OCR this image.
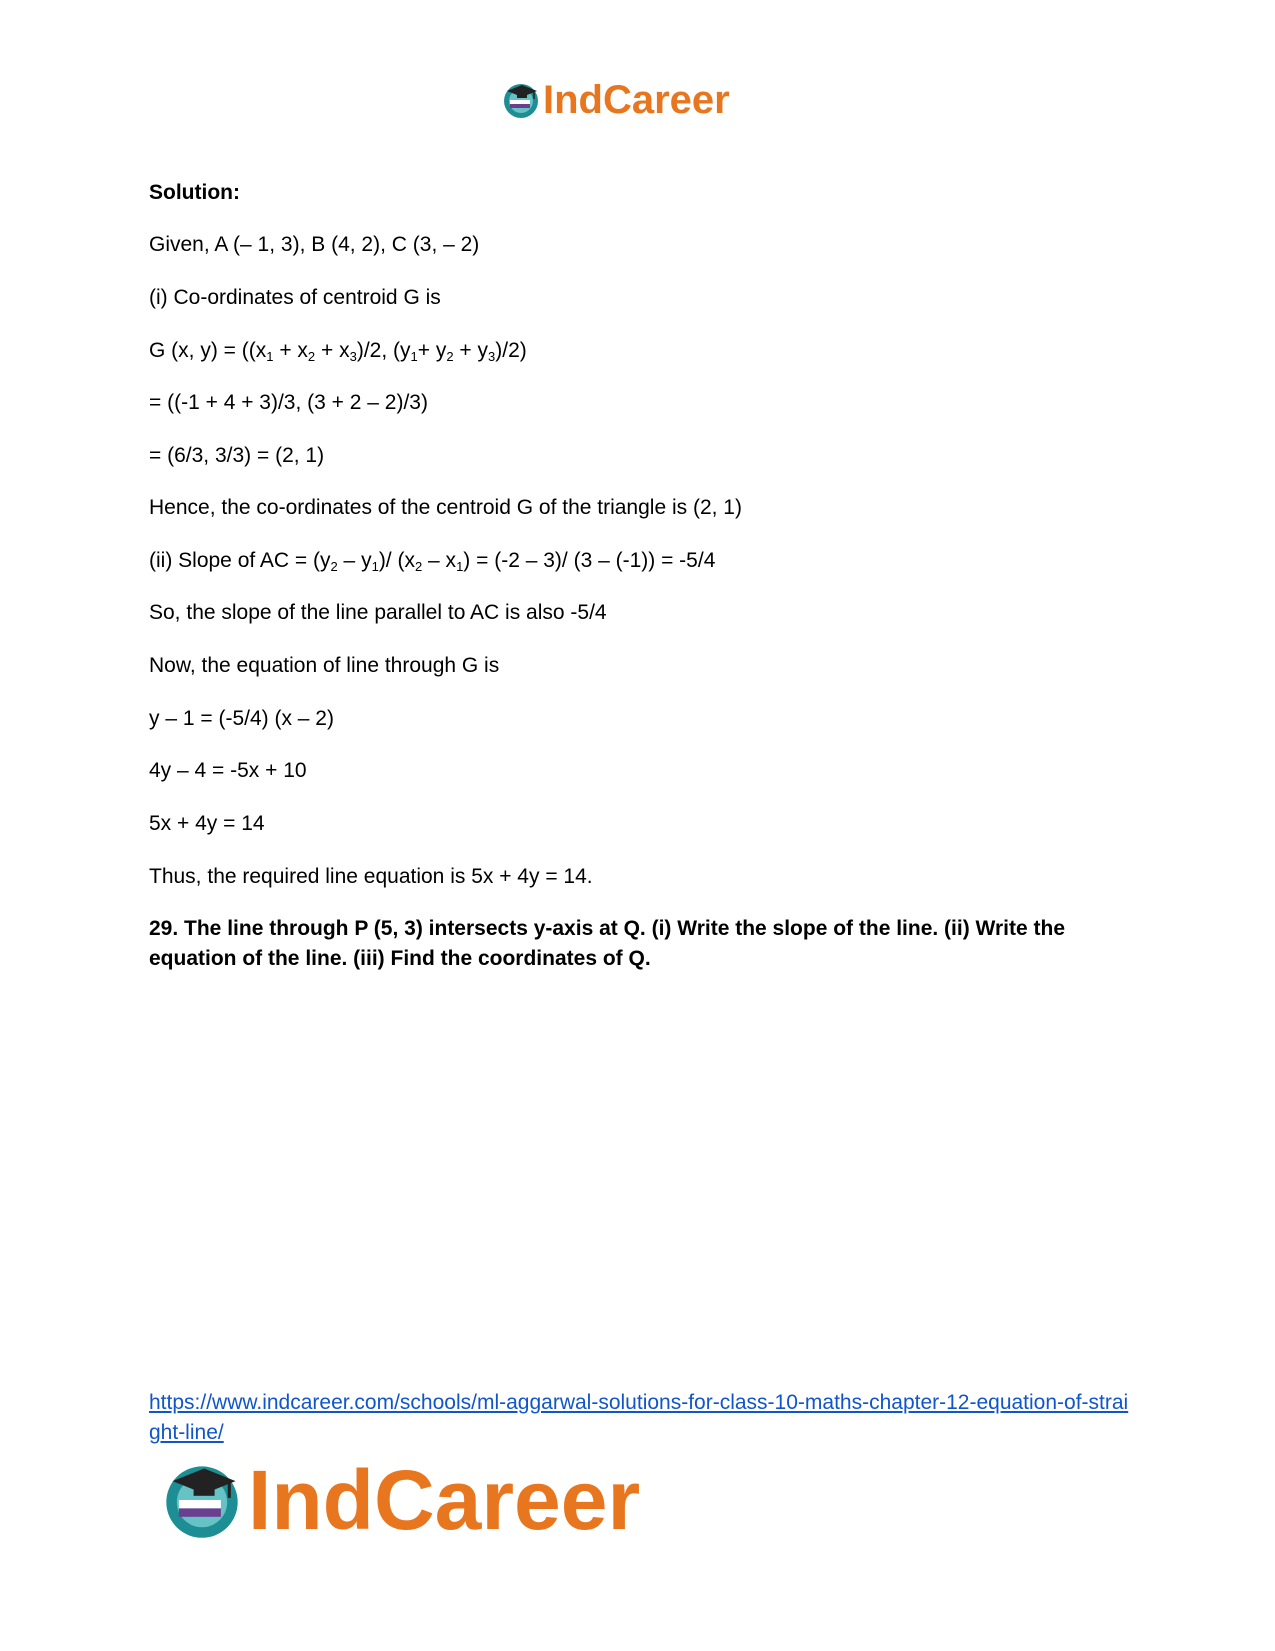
IndCareer
Solution:
Given, A (– 1, 3), B (4, 2), C (3, – 2)
(i) Co-ordinates of centroid G is
G (x, $y) = ((x_1 + x_2 + x_3)/2$, $(y_1+ y_2 + y_3)/2$)
= ((-1 + 4 + 3)/3, (3 + 2 – 2)/3)
= (6/3, 3/3) = (2, 1)
Hence, the co-ordinates of the centroid G of the triangle is (2, 1)
(ii) Slope of AC = $(y_2 - y_1)/$ $(x_2 - x_1) = (-2 - 3)/$ (3 – (-1)) = -5/4
So, the slope of the line parallel to AC is also -5/4
Now, the equation of line through G is
y – 1 = (-5/4) (x – 2)
4y – 4 = -5x + 10
5x + 4y = 14
Thus, the required line equation is 5x + 4y = 14.
29. The line through P (5, 3) intersects y-axis at Q. (i) Write the slope of the line. (ii) Write the equation of the line. (iii) Find the coordinates of Q.
https://www.indcareer.com/schools/ml-aggarwal-solutions-for-class-10-maths-chapter-12-equation-of-straight-line/
IndCareer
